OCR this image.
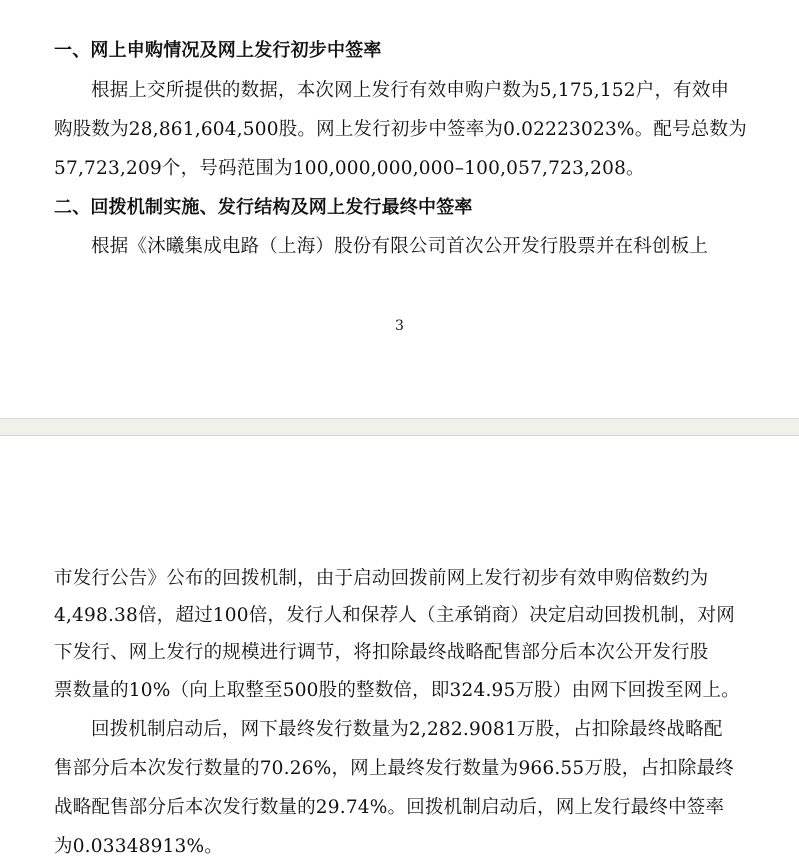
一、网上申购情况及网上发行初步中签率
根据上交所提供的数据，本次网上发行有效申购户数为5,175,152户，有效申
购股数为28,861,604,500股。网上发行初步中签率为0.02223023%。配号总数为
57,723,209个，号码范围为100,000,000,000–100,057,723,208。
二、回拨机制实施、发行结构及网上发行最终中签率
根据《沐曦集成电路（上海）股份有限公司首次公开发行股票并在科创板上
3
市发行公告》公布的回拨机制，由于启动回拨前网上发行初步有效申购倍数约为
4,498.38倍，超过100倍，发行人和保荐人（主承销商）决定启动回拨机制，对网
下发行、网上发行的规模进行调节，将扣除最终战略配售部分后本次公开发行股
票数量的10%（向上取整至500股的整数倍，即324.95万股）由网下回拨至网上。
回拨机制启动后，网下最终发行数量为2,282.9081万股，占扣除最终战略配
售部分后本次发行数量的70.26%，网上最终发行数量为966.55万股，占扣除最终
战略配售部分后本次发行数量的29.74%。回拨机制启动后，网上发行最终中签率
为0.03348913%。
